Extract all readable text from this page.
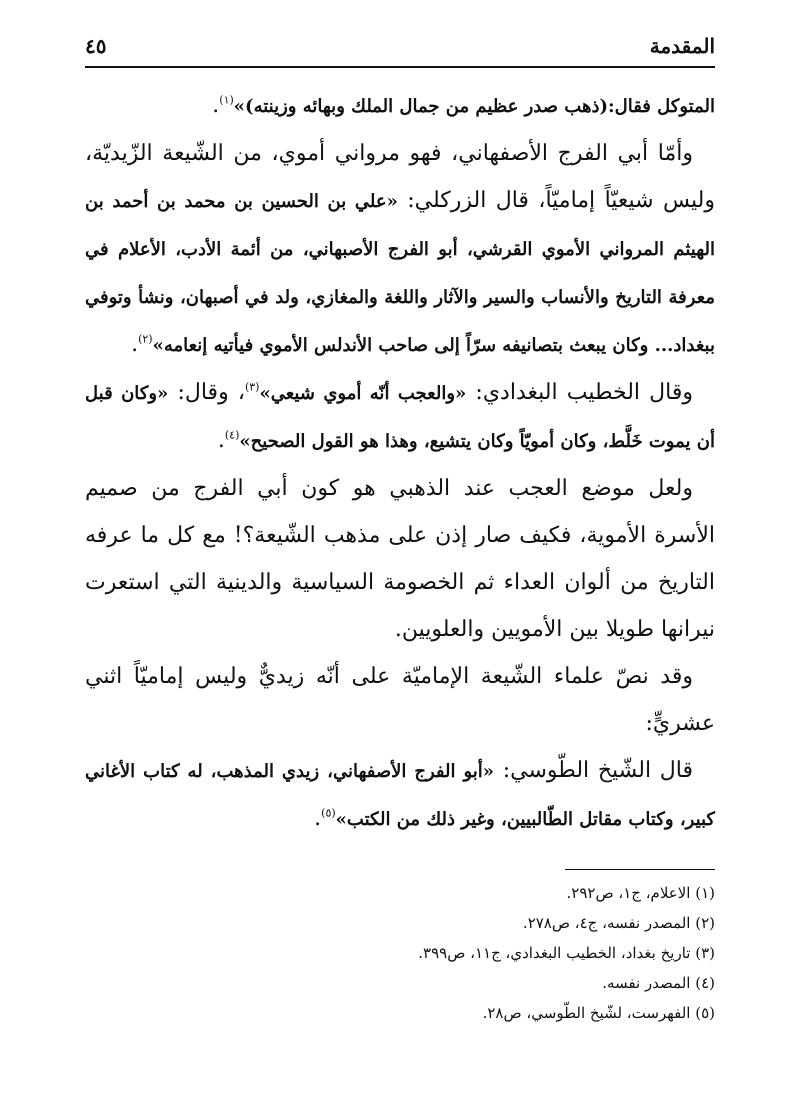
المقدمة
٤٥

المتوكل فقال:(ذهب صدر عظيم من جمال الملك وبهائه وزينته)»$^{(١)}$.

وأمّا أبي الفرج الأصفهاني، فهو مرواني أموي، من الشّيعة الزّيديّة، وليس شيعيّاً إماميّاً، قال الزركلي: «علي بن الحسين بن محمد بن أحمد بن الهيثم المرواني الأموي القرشي، أبو الفرج الأصبهاني، من أئمة الأدب، الأعلام في معرفة التاريخ والأنساب والسير والآثار واللغة والمغازي، ولد في أصبهان، ونشأ وتوفي ببغداد... وكان يبعث بتصانيفه سرّاً إلى صاحب الأندلس الأموي فيأتيه إنعامه»$^{(٢)}$.

وقال الخطيب البغدادي: «والعجب أنّه أموي شيعي»$^{(٣)}$، وقال: «وكان قبل أن يموت خَلَّط، وكان أمويّاً وكان يتشيع، وهذا هو القول الصحيح»$^{(٤)}$.

ولعل موضع العجب عند الذهبي هو كون أبي الفرج من صميم الأسرة الأموية، فكيف صار إذن على مذهب الشّيعة؟! مع كل ما عرفه التاريخ من ألوان العداء ثم الخصومة السياسية والدينية التي استعرت نيرانها طويلا بين الأمويين والعلويين.

وقد نصّ علماء الشّيعة الإماميّة على أنّه زيديٌّ وليس إماميّاً اثني عشريٍّ:

قال الشّيخ الطّوسي: «أبو الفرج الأصفهاني، زيدي المذهب، له كتاب الأغاني كبير، وكتاب مقاتل الطّالبيين، وغير ذلك من الكتب»$^{(٥)}$.

(١) الاعلام، ج١، ص٢٩٢.
(٢) المصدر نفسه، ج٤، ص٢٧٨.
(٣) تاريخ بغداد، الخطيب البغدادي، ج١١، ص٣٩٩.
(٤) المصدر نفسه.
(٥) الفهرست، لشّيخ الطّوسي، ص٢٨.
